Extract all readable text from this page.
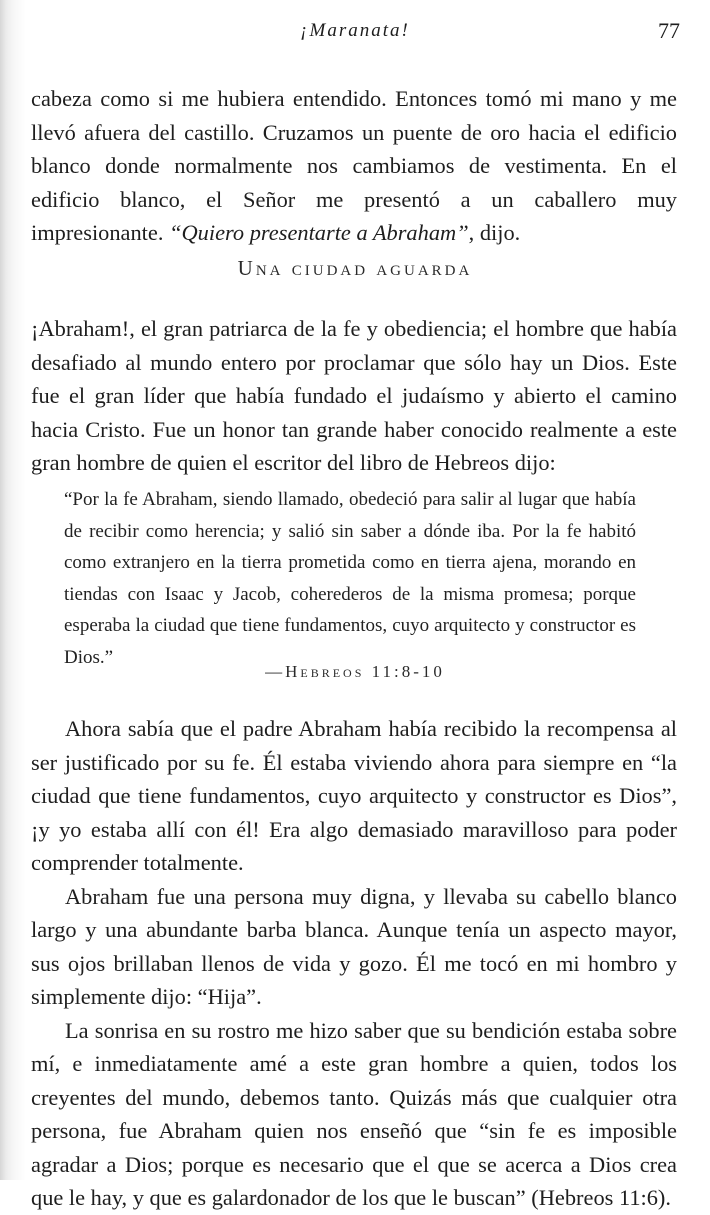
¡Maranata!	77

cabeza como si me hubiera entendido. Entonces tomó mi mano y me llevó afuera del castillo. Cruzamos un puente de oro hacia el edificio blanco donde normalmente nos cambiamos de vestimenta. En el edificio blanco, el Señor me presentó a un caballero muy impresionante. “Quiero presentarte a Abraham”, dijo.

Una ciudad aguarda

¡Abraham!, el gran patriarca de la fe y obediencia; el hombre que había desafiado al mundo entero por proclamar que sólo hay un Dios. Este fue el gran líder que había fundado el judaísmo y abierto el camino hacia Cristo. Fue un honor tan grande haber conocido realmente a este gran hombre de quien el escritor del libro de Hebreos dijo:

“Por la fe Abraham, siendo llamado, obedeció para salir al lugar que había de recibir como herencia; y salió sin saber a dónde iba. Por la fe habitó como extranjero en la tierra prometida como en tierra ajena, morando en tiendas con Isaac y Jacob, coherederos de la misma promesa; porque esperaba la ciudad que tiene fundamentos, cuyo arquitecto y constructor es Dios.”
—Hebreos 11:8-10

Ahora sabía que el padre Abraham había recibido la recompensa al ser justificado por su fe. Él estaba viviendo ahora para siempre en “la ciudad que tiene fundamentos, cuyo arquitecto y constructor es Dios”, ¡y yo estaba allí con él! Era algo demasiado maravilloso para poder comprender totalmente.

Abraham fue una persona muy digna, y llevaba su cabello blanco largo y una abundante barba blanca. Aunque tenía un aspecto mayor, sus ojos brillaban llenos de vida y gozo. Él me tocó en mi hombro y simplemente dijo: “Hija”.

La sonrisa en su rostro me hizo saber que su bendición estaba sobre mí, e inmediatamente amé a este gran hombre a quien, todos los creyentes del mundo, debemos tanto. Quizás más que cualquier otra persona, fue Abraham quien nos enseñó que “sin fe es imposible agradar a Dios; porque es necesario que el que se acerca a Dios crea que le hay, y que es galardonador de los que le buscan” (Hebreos 11:6).
